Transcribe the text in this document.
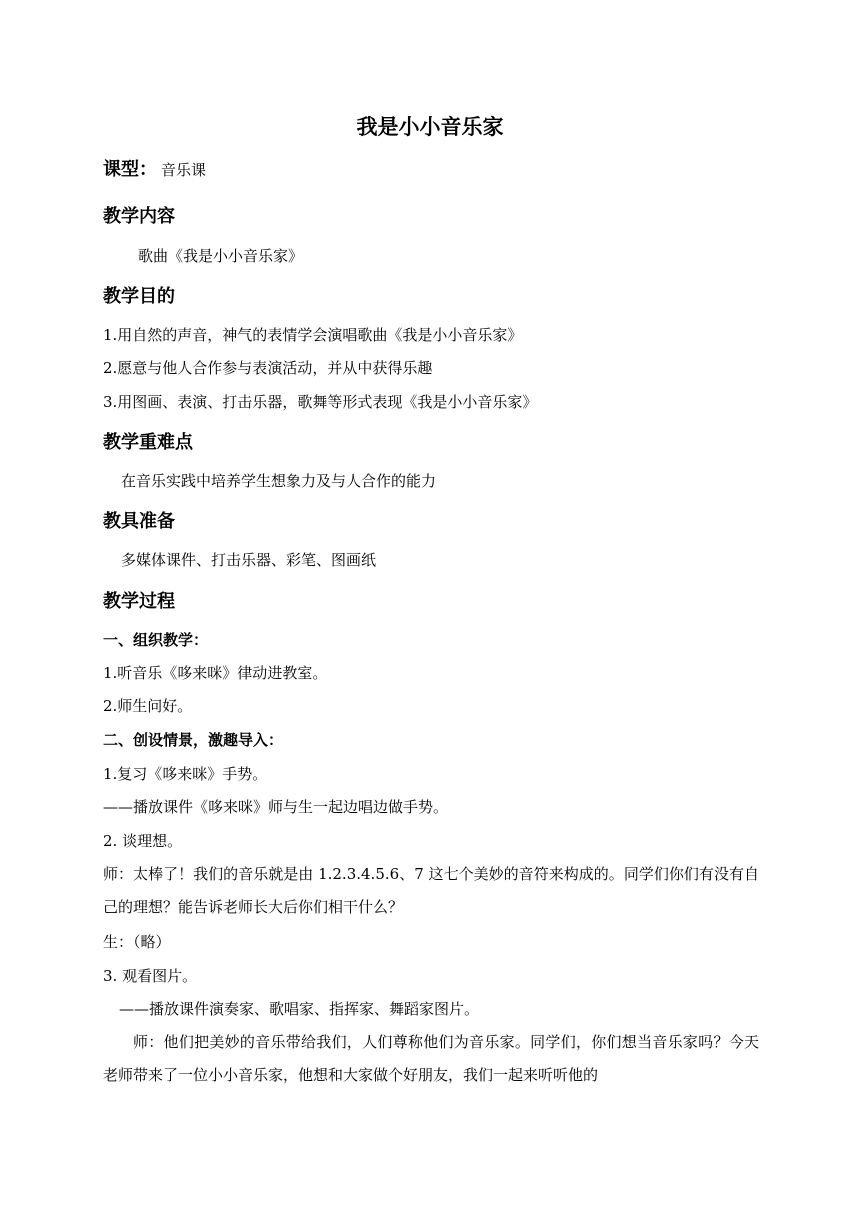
我是小小音乐家
课型： 音乐课
教学内容
歌曲《我是小小音乐家》
教学目的
1.用自然的声音，神气的表情学会演唱歌曲《我是小小音乐家》
2.愿意与他人合作参与表演活动，并从中获得乐趣
3.用图画、表演、打击乐器，歌舞等形式表现《我是小小音乐家》
教学重难点
在音乐实践中培养学生想象力及与人合作的能力
教具准备
多媒体课件、打击乐器、彩笔、图画纸
教学过程
一、组织教学：
1.听音乐《哆来咪》律动进教室。
2.师生问好。
二、创设情景，激趣导入：
1.复习《哆来咪》手势。
——播放课件《哆来咪》师与生一起边唱边做手势。
2. 谈理想。
师：太棒了！我们的音乐就是由 1.2.3.4.5.6、7 这七个美妙的音符来构成的。同学们你们有没有自己的理想？能告诉老师长大后你们相干什么？
生：（略）
3. 观看图片。
——播放课件演奏家、歌唱家、指挥家、舞蹈家图片。
师：他们把美妙的音乐带给我们，人们尊称他们为音乐家。同学们，你们想当音乐家吗？今天老师带来了一位小小音乐家，他想和大家做个好朋友，我们一起来听听他的
